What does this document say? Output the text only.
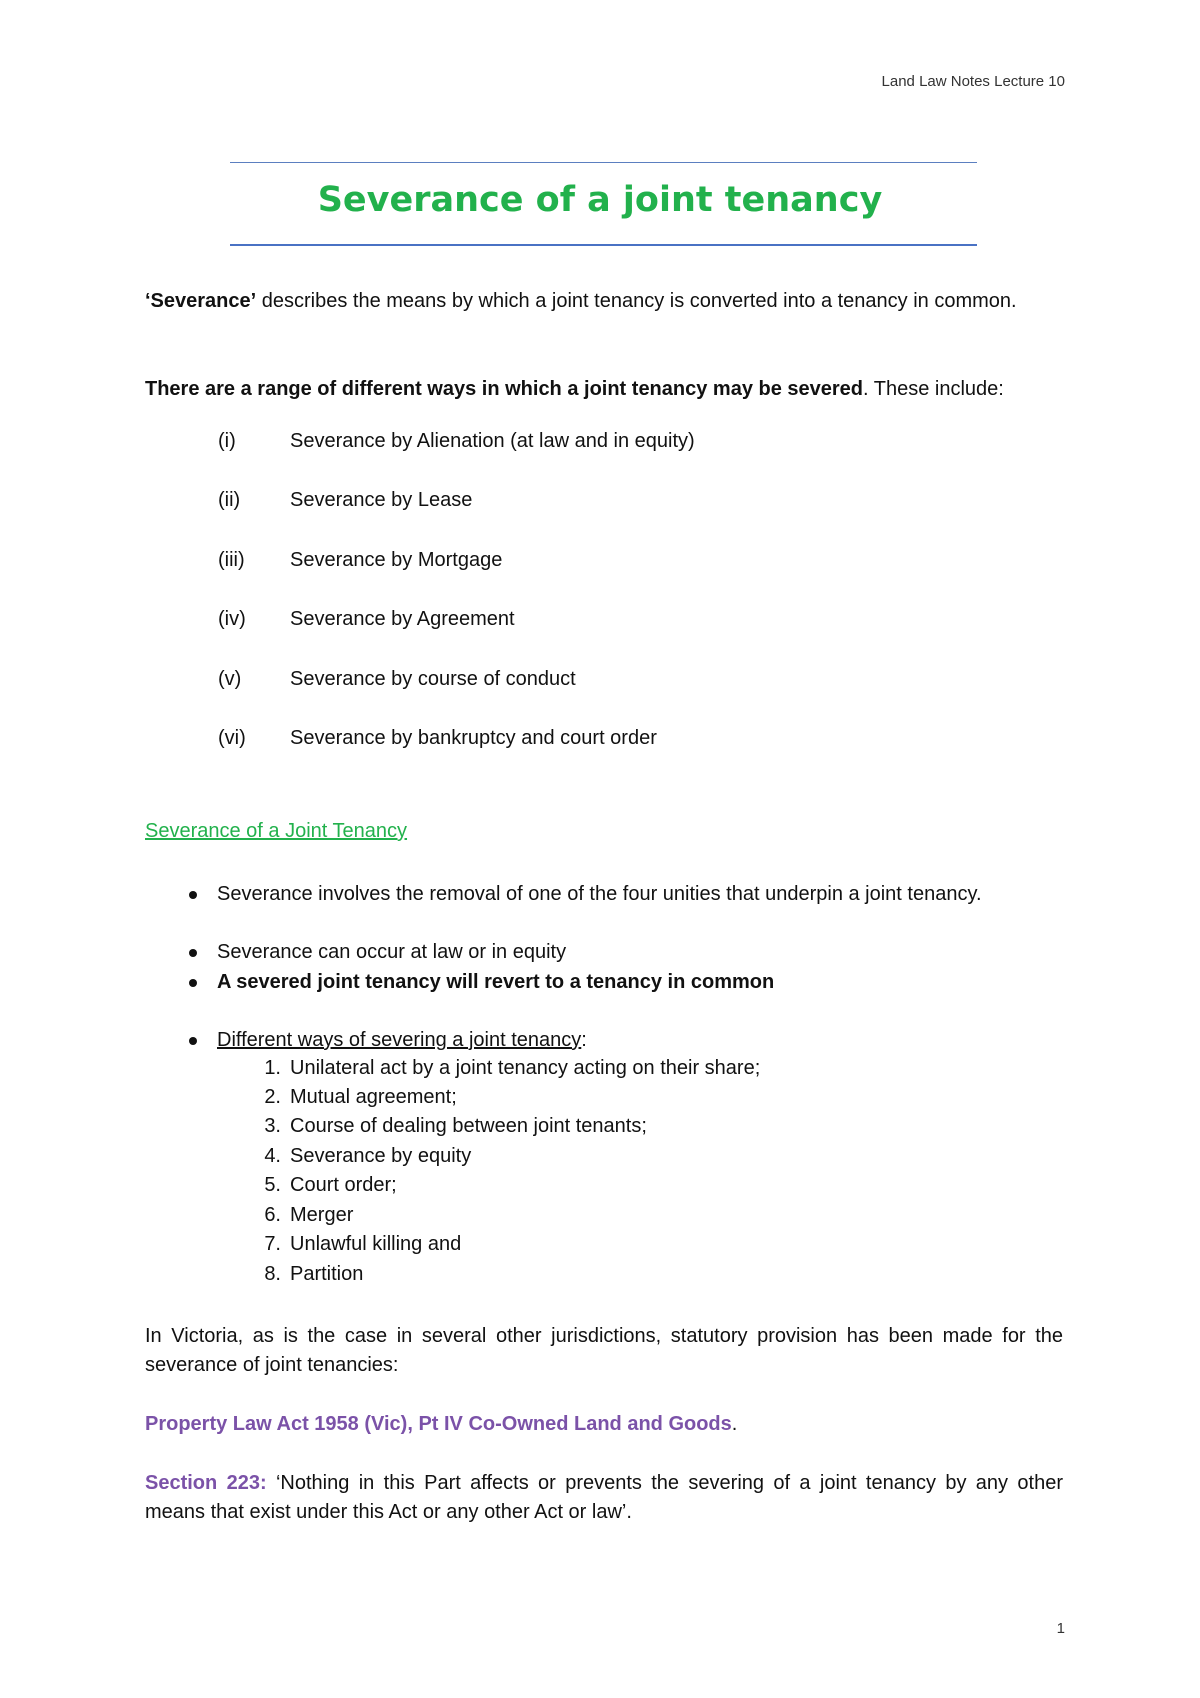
Land Law Notes Lecture 10
Severance of a joint tenancy
‘Severance’ describes the means by which a joint tenancy is converted into a tenancy in common.
There are a range of different ways in which a joint tenancy may be severed. These include:
(i)	Severance by Alienation (at law and in equity)
(ii) Severance by Lease
(iii) Severance by Mortgage
(iv) Severance by Agreement
(v) Severance by course of conduct
(vi) Severance by bankruptcy and court order
Severance of a Joint Tenancy
Severance involves the removal of one of the four unities that underpin a joint tenancy.
Severance can occur at law or in equity
A severed joint tenancy will revert to a tenancy in common
Different ways of severing a joint tenancy:
1. Unilateral act by a joint tenancy acting on their share;
2. Mutual agreement;
3. Course of dealing between joint tenants;
4. Severance by equity
5. Court order;
6. Merger
7. Unlawful killing and
8. Partition
In Victoria, as is the case in several other jurisdictions, statutory provision has been made for the severance of joint tenancies:
Property Law Act 1958 (Vic), Pt IV Co-Owned Land and Goods.
Section 223: ‘Nothing in this Part affects or prevents the severing of a joint tenancy by any other means that exist under this Act or any other Act or law’.
1
